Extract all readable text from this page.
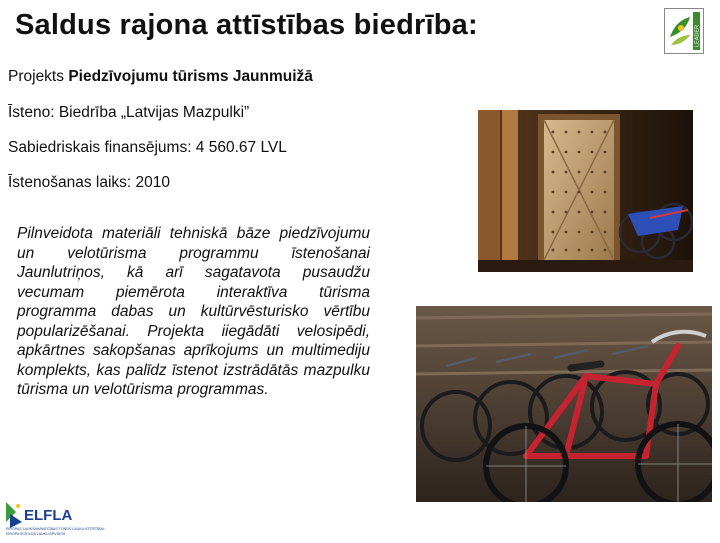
Saldus rajona attīstības biedrība:	LEADER
Projekts Piedzīvojumu tūrisms Jaunmuižā
Īsteno: Biedrība „Latvijas Mazpulki”
Sabiedriskais finansējums: 4 560.67 LVL
Īstenošanas laiks: 2010
Pilnveidota materiāli tehniskā bāze piedzīvojumu un velotūrisma programmu īstenošanai Jaunlutriņos, kā arī sagatavota pusaudžu vecumam piemērota interaktīva tūrisma programma dabas un kultūrvēsturisko vērtību popularizēšanai. Projekta iiegādāti velosipēdi, apkārtnes sakopšanas aprīkojums un multimediju komplekts, kas palīdz īstenot izstrādātās mazpulku tūrisma un velotūrisma programmas.
ELFLA
EIROPAS LAUKSAIMNIECĪBAS FONDS LAUKU ATTĪSTĪBAI:
EIROPA IEGULDA LAUKU APVIDOS
